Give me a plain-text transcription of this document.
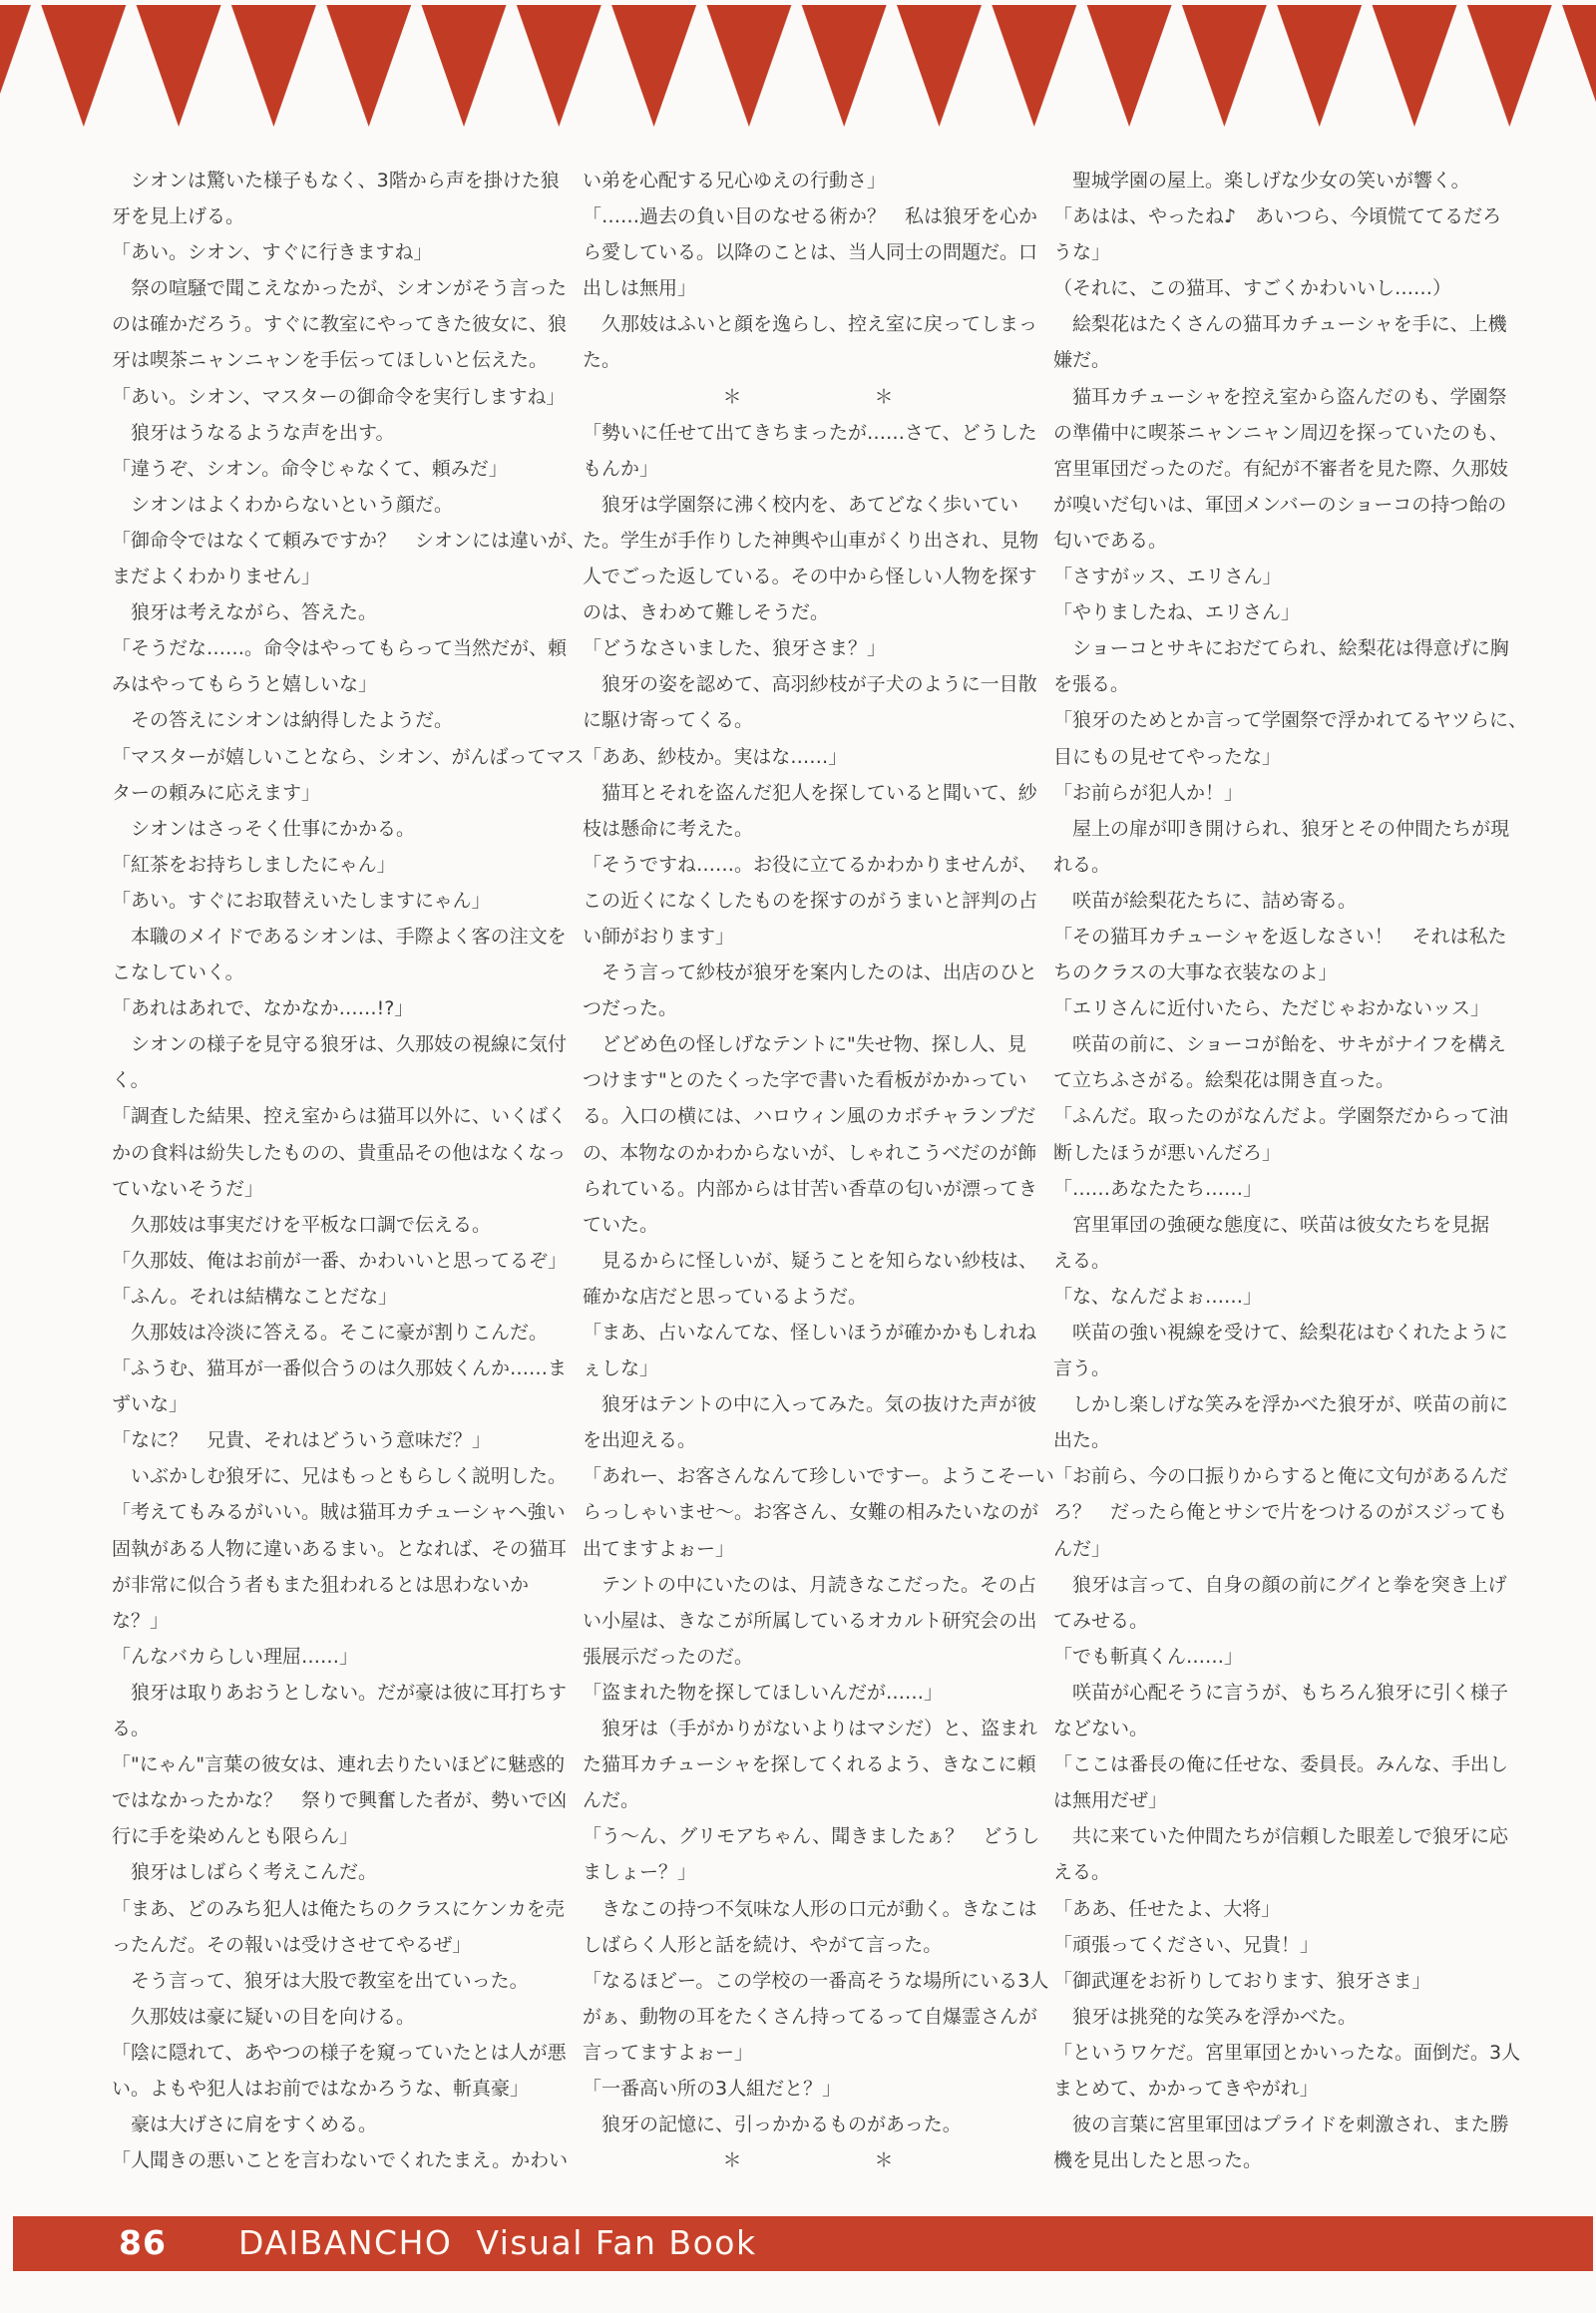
　シオンは驚いた様子もなく、3階から声を掛けた狼
牙を見上げる。
「あい。シオン、すぐに行きますね」
　祭の喧騒で聞こえなかったが、シオンがそう言った
のは確かだろう。すぐに教室にやってきた彼女に、狼
牙は喫茶ニャンニャンを手伝ってほしいと伝えた。
「あい。シオン、マスターの御命令を実行しますね」
　狼牙はうなるような声を出す。
「違うぞ、シオン。命令じゃなくて、頼みだ」
　シオンはよくわからないという顔だ。
「御命令ではなくて頼みですか？　シオンには違いが、
まだよくわかりません」
　狼牙は考えながら、答えた。
「そうだな……。命令はやってもらって当然だが、頼
みはやってもらうと嬉しいな」
　その答えにシオンは納得したようだ。
「マスターが嬉しいことなら、シオン、がんばってマス
ターの頼みに応えます」
　シオンはさっそく仕事にかかる。
「紅茶をお持ちしましたにゃん」
「あい。すぐにお取替えいたしますにゃん」
　本職のメイドであるシオンは、手際よく客の注文を
こなしていく。
「あれはあれで、なかなか……!?」
　シオンの様子を見守る狼牙は、久那妓の視線に気付
く。
「調査した結果、控え室からは猫耳以外に、いくばく
かの食料は紛失したものの、貴重品その他はなくなっ
ていないそうだ」
　久那妓は事実だけを平板な口調で伝える。
「久那妓、俺はお前が一番、かわいいと思ってるぞ」
「ふん。それは結構なことだな」
　久那妓は冷淡に答える。そこに豪が割りこんだ。
「ふうむ、猫耳が一番似合うのは久那妓くんか……ま
ずいな」
「なに？　兄貴、それはどういう意味だ？」
　いぶかしむ狼牙に、兄はもっともらしく説明した。
「考えてもみるがいい。賊は猫耳カチューシャへ強い
固執がある人物に違いあるまい。となれば、その猫耳
が非常に似合う者もまた狙われるとは思わないか
な？」
「んなバカらしい理屈……」
　狼牙は取りあおうとしない。だが豪は彼に耳打ちす
る。
「"にゃん"言葉の彼女は、連れ去りたいほどに魅惑的
ではなかったかな？　祭りで興奮した者が、勢いで凶
行に手を染めんとも限らん」
　狼牙はしばらく考えこんだ。
「まあ、どのみち犯人は俺たちのクラスにケンカを売
ったんだ。その報いは受けさせてやるぜ」
　そう言って、狼牙は大股で教室を出ていった。
　久那妓は豪に疑いの目を向ける。
「陰に隠れて、あやつの様子を窺っていたとは人が悪
い。よもや犯人はお前ではなかろうな、斬真豪」
　豪は大げさに肩をすくめる。
「人聞きの悪いことを言わないでくれたまえ。かわい
い弟を心配する兄心ゆえの行動さ」
「……過去の負い目のなせる術か？　私は狼牙を心か
ら愛している。以降のことは、当人同士の問題だ。口
出しは無用」
　久那妓はふいと顔を逸らし、控え室に戻ってしまっ
た。
＊　　　　　　　＊
「勢いに任せて出てきちまったが……さて、どうした
もんか」
　狼牙は学園祭に沸く校内を、あてどなく歩いてい
た。学生が手作りした神輿や山車がくり出され、見物
人でごった返している。その中から怪しい人物を探す
のは、きわめて難しそうだ。
「どうなさいました、狼牙さま？」
　狼牙の姿を認めて、高羽紗枝が子犬のように一目散
に駆け寄ってくる。
「ああ、紗枝か。実はな……」
　猫耳とそれを盗んだ犯人を探していると聞いて、紗
枝は懸命に考えた。
「そうですね……。お役に立てるかわかりませんが、
この近くになくしたものを探すのがうまいと評判の占
い師がおります」
　そう言って紗枝が狼牙を案内したのは、出店のひと
つだった。
　どどめ色の怪しげなテントに"失せ物、探し人、見
つけます"とのたくった字で書いた看板がかかってい
る。入口の横には、ハロウィン風のカボチャランプだ
の、本物なのかわからないが、しゃれこうべだのが飾
られている。内部からは甘苦い香草の匂いが漂ってき
ていた。
　見るからに怪しいが、疑うことを知らない紗枝は、
確かな店だと思っているようだ。
「まあ、占いなんてな、怪しいほうが確かかもしれね
ぇしな」
　狼牙はテントの中に入ってみた。気の抜けた声が彼
を出迎える。
「あれー、お客さんなんて珍しいですー。ようこそーい
らっしゃいませ〜。お客さん、女難の相みたいなのが
出てますよぉー」
　テントの中にいたのは、月読きなこだった。その占
い小屋は、きなこが所属しているオカルト研究会の出
張展示だったのだ。
「盗まれた物を探してほしいんだが……」
　狼牙は（手がかりがないよりはマシだ）と、盗まれ
た猫耳カチューシャを探してくれるよう、きなこに頼
んだ。
「う〜ん、グリモアちゃん、聞きましたぁ？　どうし
ましょー？」
　きなこの持つ不気味な人形の口元が動く。きなこは
しばらく人形と話を続け、やがて言った。
「なるほどー。この学校の一番高そうな場所にいる3人
がぁ、動物の耳をたくさん持ってるって自爆霊さんが
言ってますよぉー」
「一番高い所の3人組だと？」
　狼牙の記憶に、引っかかるものがあった。
＊　　　　　　　＊
　聖城学園の屋上。楽しげな少女の笑いが響く。
「あはは、やったね♪　あいつら、今頃慌ててるだろ
うな」
（それに、この猫耳、すごくかわいいし……）
　絵梨花はたくさんの猫耳カチューシャを手に、上機
嫌だ。
　猫耳カチューシャを控え室から盗んだのも、学園祭
の準備中に喫茶ニャンニャン周辺を探っていたのも、
宮里軍団だったのだ。有紀が不審者を見た際、久那妓
が嗅いだ匂いは、軍団メンバーのショーコの持つ飴の
匂いである。
「さすがッス、エリさん」
「やりましたね、エリさん」
　ショーコとサキにおだてられ、絵梨花は得意げに胸
を張る。
「狼牙のためとか言って学園祭で浮かれてるヤツらに、
目にもの見せてやったな」
「お前らが犯人か！」
　屋上の扉が叩き開けられ、狼牙とその仲間たちが現
れる。
　咲苗が絵梨花たちに、詰め寄る。
「その猫耳カチューシャを返しなさい！　それは私た
ちのクラスの大事な衣装なのよ」
「エリさんに近付いたら、ただじゃおかないッス」
　咲苗の前に、ショーコが飴を、サキがナイフを構え
て立ちふさがる。絵梨花は開き直った。
「ふんだ。取ったのがなんだよ。学園祭だからって油
断したほうが悪いんだろ」
「……あなたたち……」
　宮里軍団の強硬な態度に、咲苗は彼女たちを見据
える。
「な、なんだよぉ……」
　咲苗の強い視線を受けて、絵梨花はむくれたように
言う。
　しかし楽しげな笑みを浮かべた狼牙が、咲苗の前に
出た。
「お前ら、今の口振りからすると俺に文句があるんだ
ろ？　だったら俺とサシで片をつけるのがスジっても
んだ」
　狼牙は言って、自身の顔の前にグイと拳を突き上げ
てみせる。
「でも斬真くん……」
　咲苗が心配そうに言うが、もちろん狼牙に引く様子
などない。
「ここは番長の俺に任せな、委員長。みんな、手出し
は無用だぜ」
　共に来ていた仲間たちが信頼した眼差しで狼牙に応
える。
「ああ、任せたよ、大将」
「頑張ってください、兄貴！」
「御武運をお祈りしております、狼牙さま」
　狼牙は挑発的な笑みを浮かべた。
「というワケだ。宮里軍団とかいったな。面倒だ。3人
まとめて、かかってきやがれ」
　彼の言葉に宮里軍団はプライドを刺激され、また勝
機を見出したと思った。
86 DAIBANCHO  Visual Fan Book
